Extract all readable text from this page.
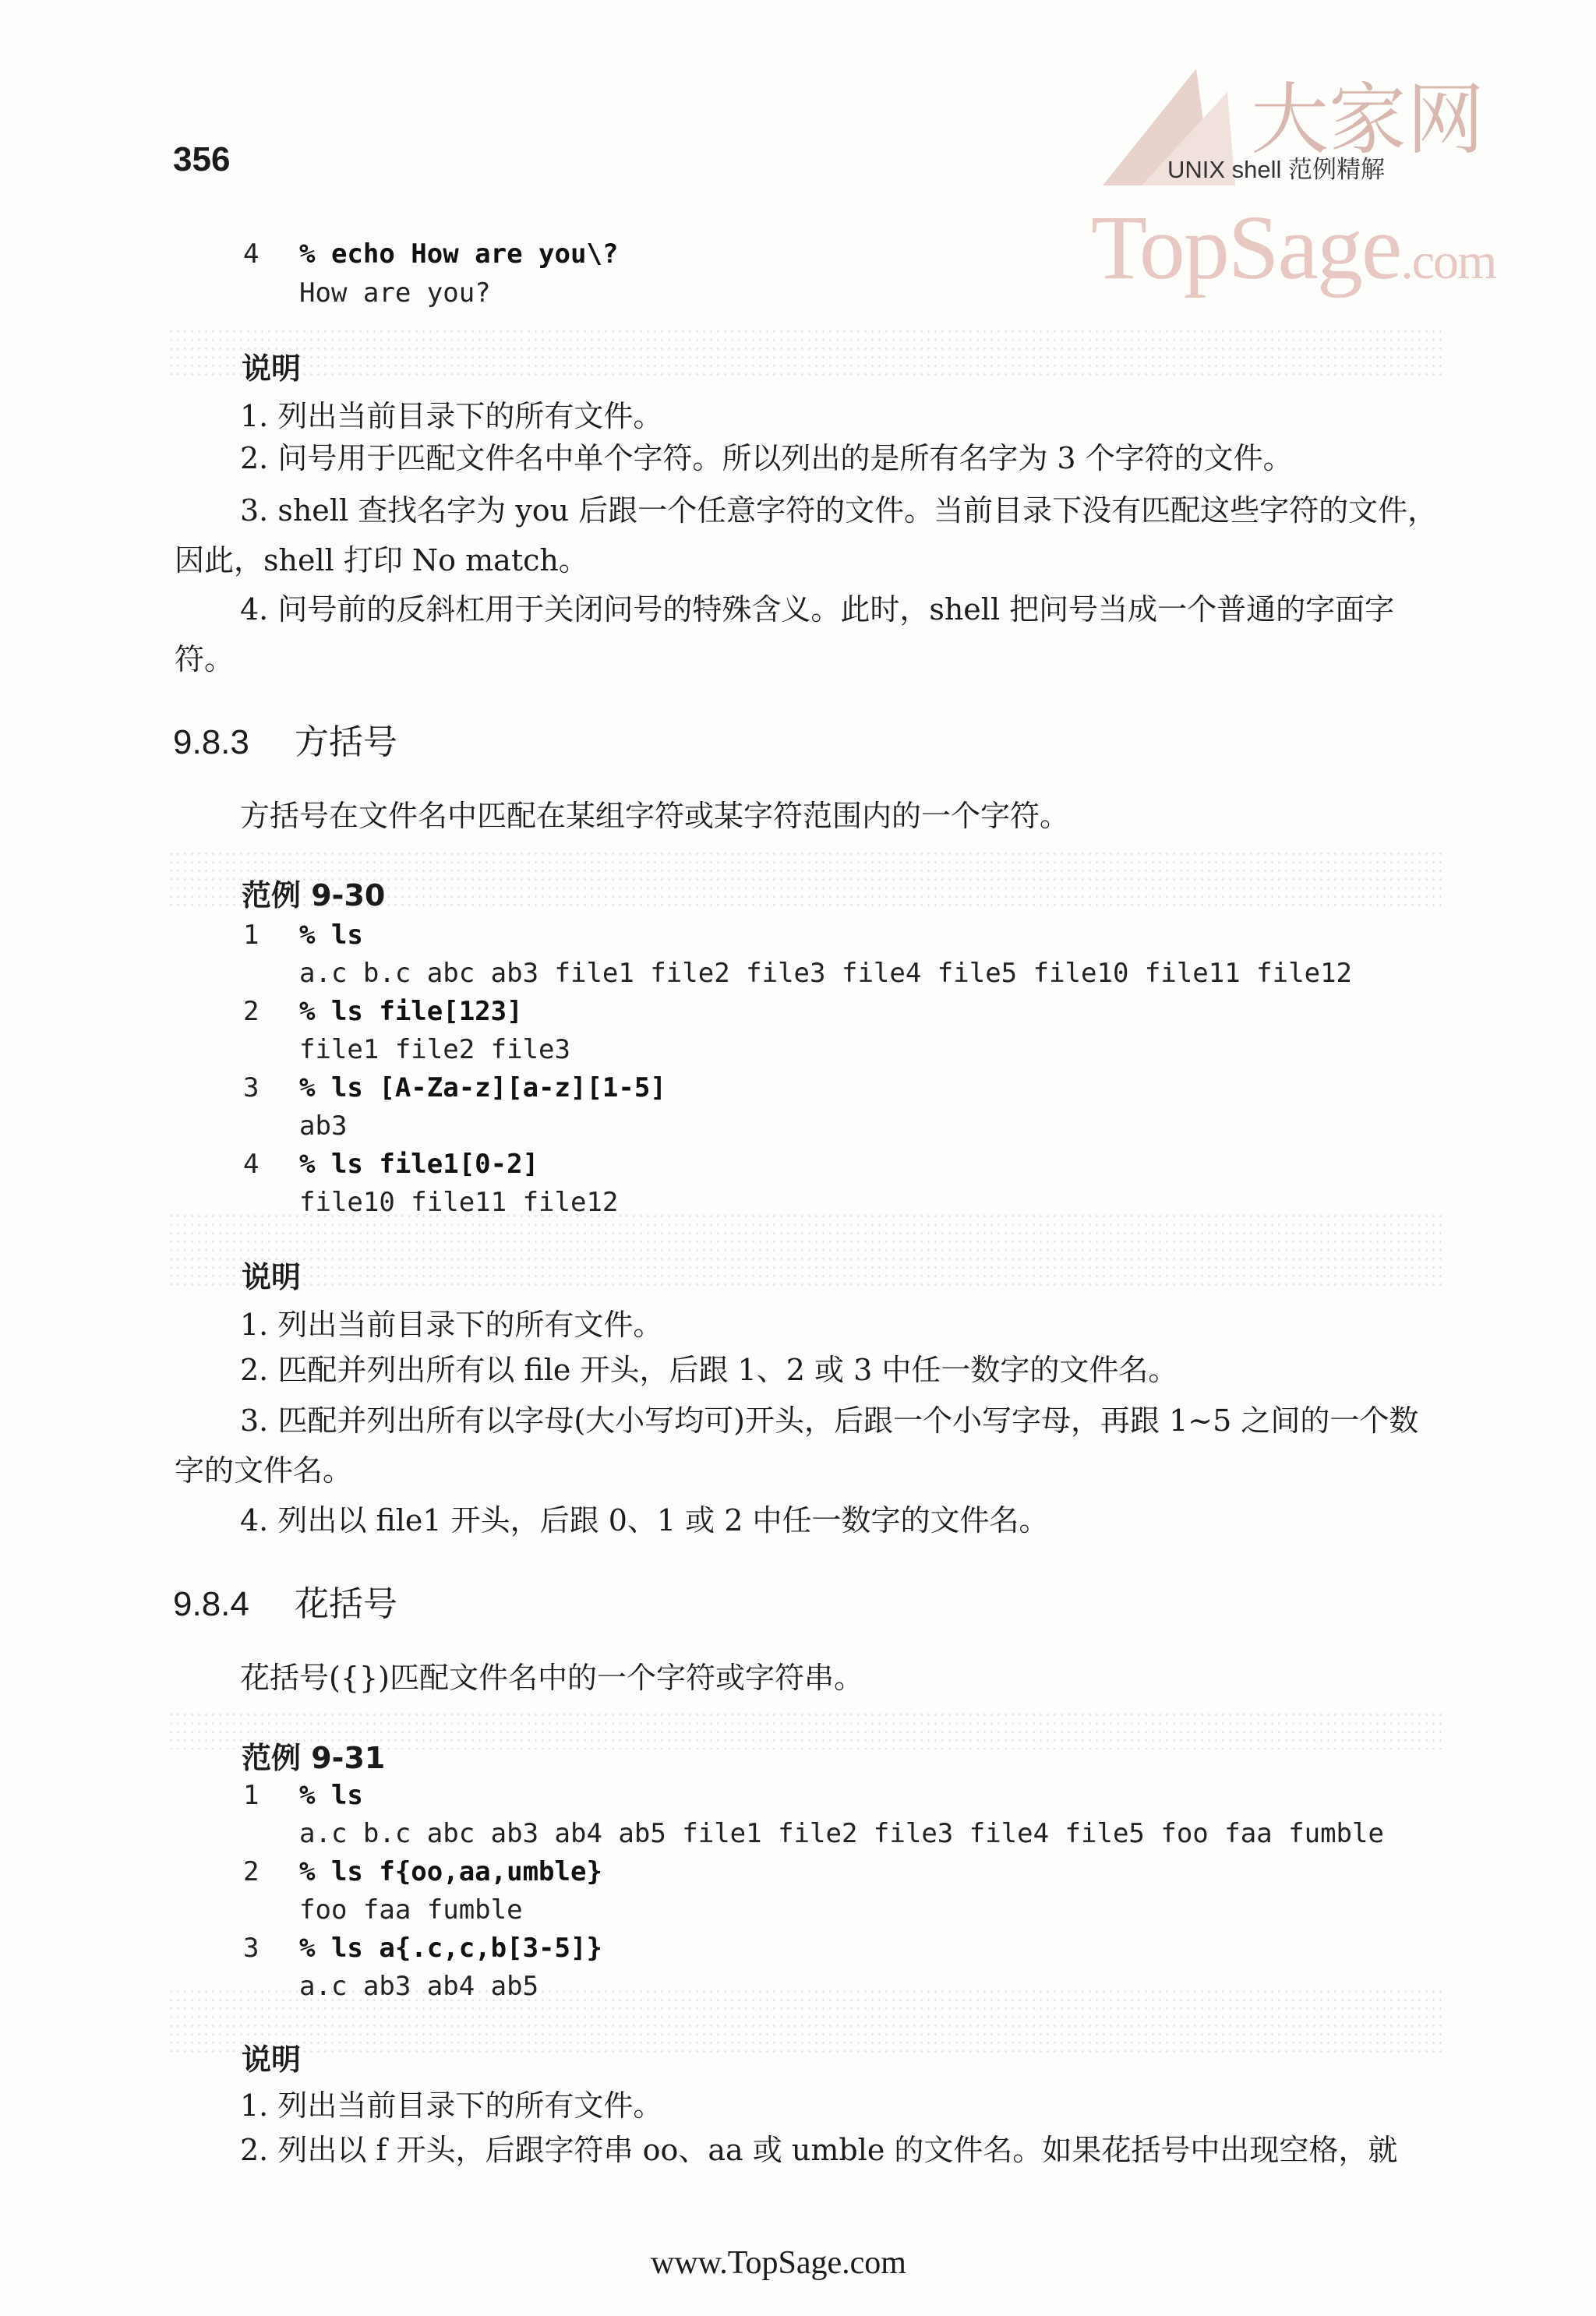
大家网
TopSage.com
356	UNIX shell 范例精解
4 % echo How are you\?
How are you?
说明
1. 列出当前目录下的所有文件。

2. 问号用于匹配文件名中单个字符。所以列出的是所有名字为 3 个字符的文件。

3. shell 查找名字为 you 后跟一个任意字符的文件。当前目录下没有匹配这些字符的文件，因此，shell 打印 No match。

4. 问号前的反斜杠用于关闭问号的特殊含义。此时，shell 把问号当成一个普通的字面字符。

9.8.3 方括号
方括号在文件名中匹配在某组字符或某字符范围内的一个字符。
范例 9-30
1 % ls
a.c b.c abc ab3 file1 file2 file3 file4 file5 file10 file11 file12
2 % ls file[123]
file1 file2 file3
3 % ls [A-Za-z][a-z][1-5]
ab3
4 % ls file1[0-2]
file10 file11 file12
说明
1. 列出当前目录下的所有文件。

2. 匹配并列出所有以 file 开头，后跟 1、2 或 3 中任一数字的文件名。

3. 匹配并列出所有以字母(大小写均可)开头，后跟一个小写字母，再跟 1~5 之间的一个数字的文件名。

4. 列出以 file1 开头，后跟 0、1 或 2 中任一数字的文件名。

9.8.4 花括号
花括号({})匹配文件名中的一个字符或字符串。
范例 9-31
1 % ls
a.c b.c abc ab3 ab4 ab5 file1 file2 file3 file4 file5 foo faa fumble
2 % ls f{oo,aa,umble}
foo faa fumble
3 % ls a{.c,c,b[3-5]}
a.c ab3 ab4 ab5
说明
1. 列出当前目录下的所有文件。

2. 列出以 f 开头，后跟字符串 oo、aa 或 umble 的文件名。如果花括号中出现空格，就

www.TopSage.com
